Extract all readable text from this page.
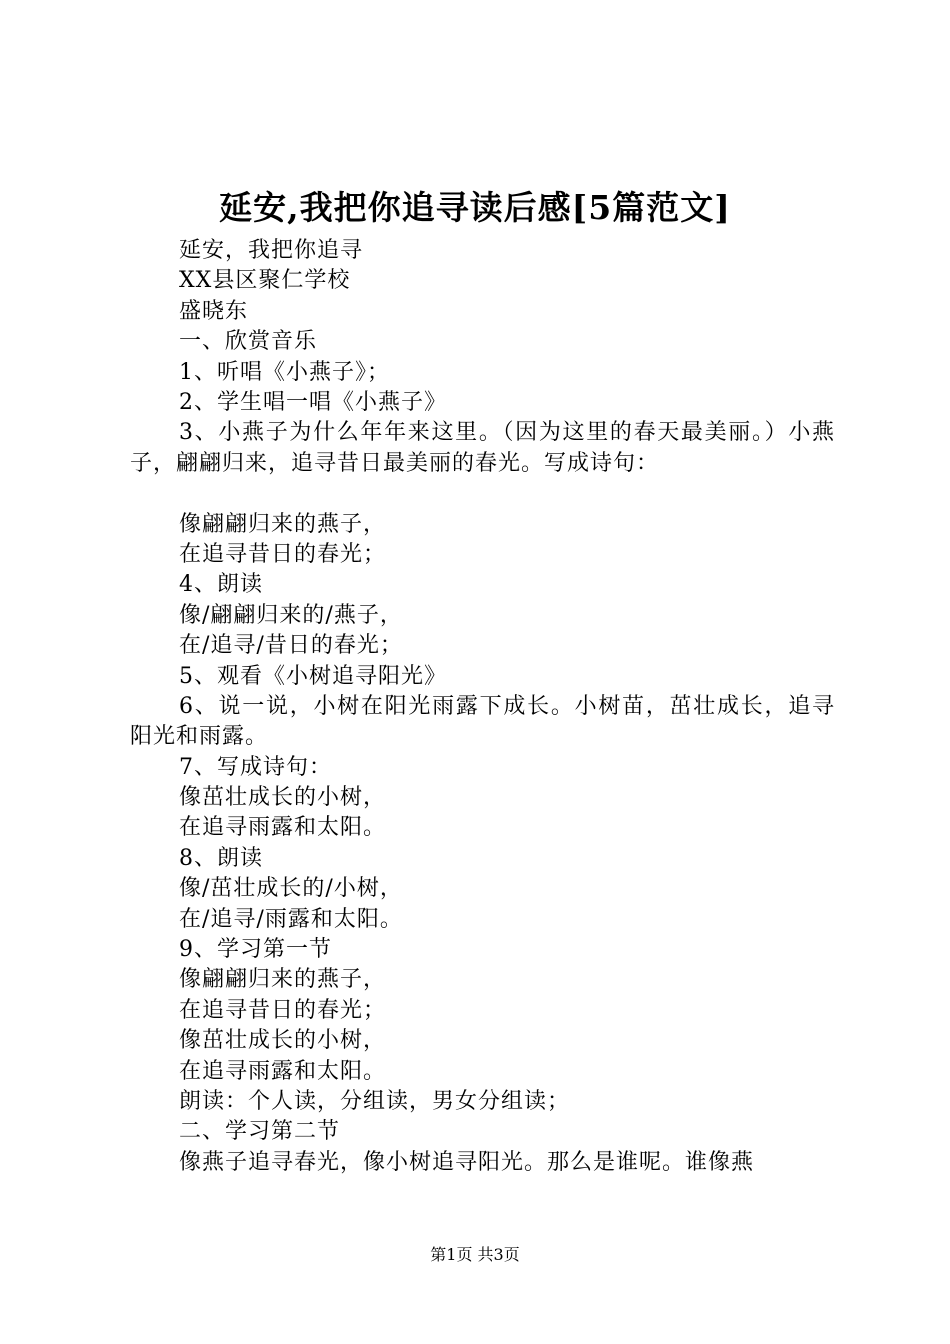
延安,我把你追寻读后感[5篇范文]
延安，我把你追寻
XX县区聚仁学校
盛晓东
一、欣赏音乐
1、听唱《小燕子》；
2、学生唱一唱《小燕子》
3、小燕子为什么年年来这里。（因为这里的春天最美丽。）小燕子，翩翩归来，追寻昔日最美丽的春光。写成诗句：
像翩翩归来的燕子，
在追寻昔日的春光；
4、朗读
像/翩翩归来的/燕子，
在/追寻/昔日的春光；
5、观看《小树追寻阳光》
6、说一说，小树在阳光雨露下成长。小树苗，茁壮成长，追寻阳光和雨露。
7、写成诗句：
像茁壮成长的小树，
在追寻雨露和太阳。
8、朗读
像/茁壮成长的/小树，
在/追寻/雨露和太阳。
9、学习第一节
像翩翩归来的燕子，
在追寻昔日的春光；
像茁壮成长的小树，
在追寻雨露和太阳。
朗读：个人读，分组读，男女分组读；
二、学习第二节
像燕子追寻春光，像小树追寻阳光。那么是谁呢。谁像燕
第1页 共3页
